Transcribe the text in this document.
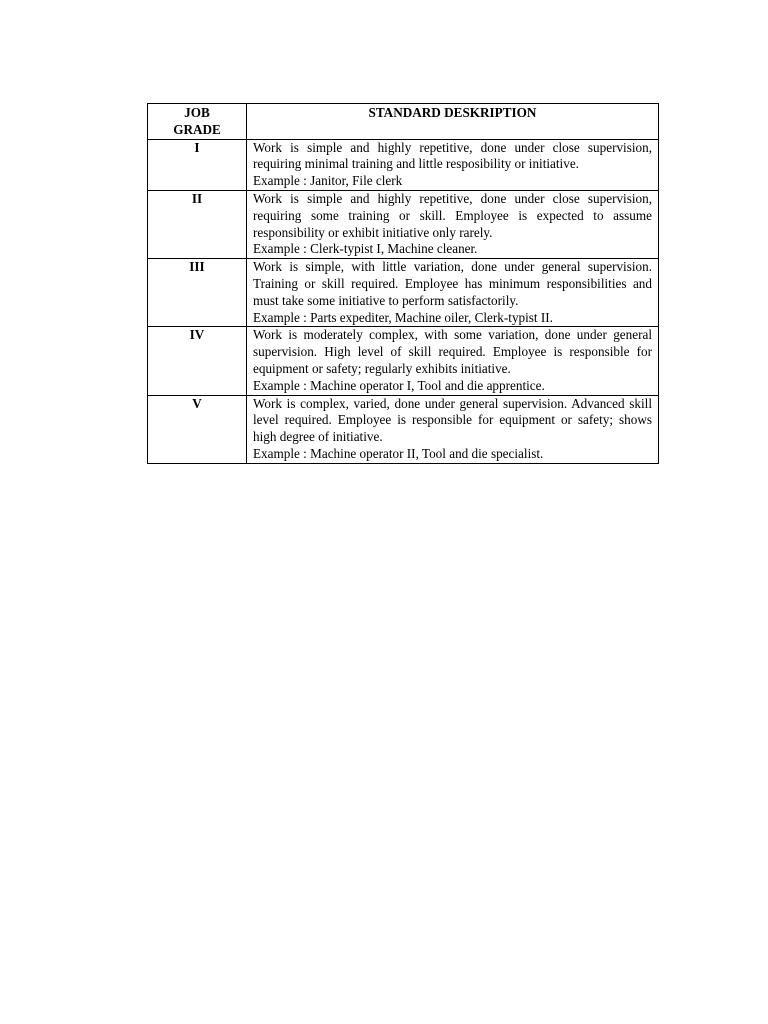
JOB
GRADE	STANDARD DESKRIPTION
I	Work is simple and highly repetitive, done under close supervision, requiring minimal training and little resposibility or initiative.
Example : Janitor, File clerk

II	Work is simple and highly repetitive, done under close supervision, requiring some training or skill. Employee is expected to assume responsibility or exhibit initiative only rarely.
Example : Clerk-typist I, Machine cleaner.

III	Work is simple, with little variation, done under general supervision. Training or skill required. Employee has minimum responsibilities and must take some initiative to perform satisfactorily.
Example : Parts expediter, Machine oiler, Clerk-typist II.

IV	Work is moderately complex, with some variation, done under general supervision. High level of skill required. Employee is responsible for equipment or safety; regularly exhibits initiative.
Example : Machine operator I, Tool and die apprentice.

V	Work is complex, varied, done under general supervision. Advanced skill level required. Employee is responsible for equipment or safety; shows high degree of initiative.
Example : Machine operator II, Tool and die specialist.
